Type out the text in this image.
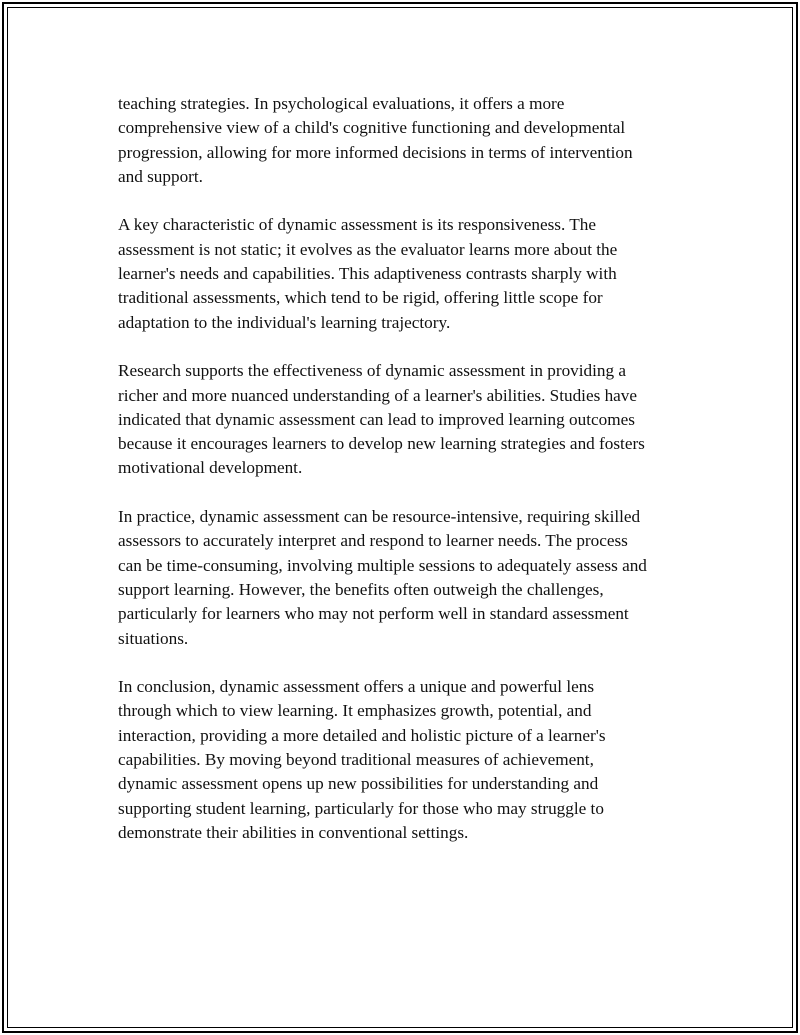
teaching strategies. In psychological evaluations, it offers a more
comprehensive view of a child's cognitive functioning and developmental
progression, allowing for more informed decisions in terms of intervention
and support.

A key characteristic of dynamic assessment is its responsiveness. The
assessment is not static; it evolves as the evaluator learns more about the
learner's needs and capabilities. This adaptiveness contrasts sharply with
traditional assessments, which tend to be rigid, offering little scope for
adaptation to the individual's learning trajectory.

Research supports the effectiveness of dynamic assessment in providing a
richer and more nuanced understanding of a learner's abilities. Studies have
indicated that dynamic assessment can lead to improved learning outcomes
because it encourages learners to develop new learning strategies and fosters
motivational development.

In practice, dynamic assessment can be resource-intensive, requiring skilled
assessors to accurately interpret and respond to learner needs. The process
can be time-consuming, involving multiple sessions to adequately assess and
support learning. However, the benefits often outweigh the challenges,
particularly for learners who may not perform well in standard assessment
situations.

In conclusion, dynamic assessment offers a unique and powerful lens
through which to view learning. It emphasizes growth, potential, and
interaction, providing a more detailed and holistic picture of a learner's
capabilities. By moving beyond traditional measures of achievement,
dynamic assessment opens up new possibilities for understanding and
supporting student learning, particularly for those who may struggle to
demonstrate their abilities in conventional settings.
